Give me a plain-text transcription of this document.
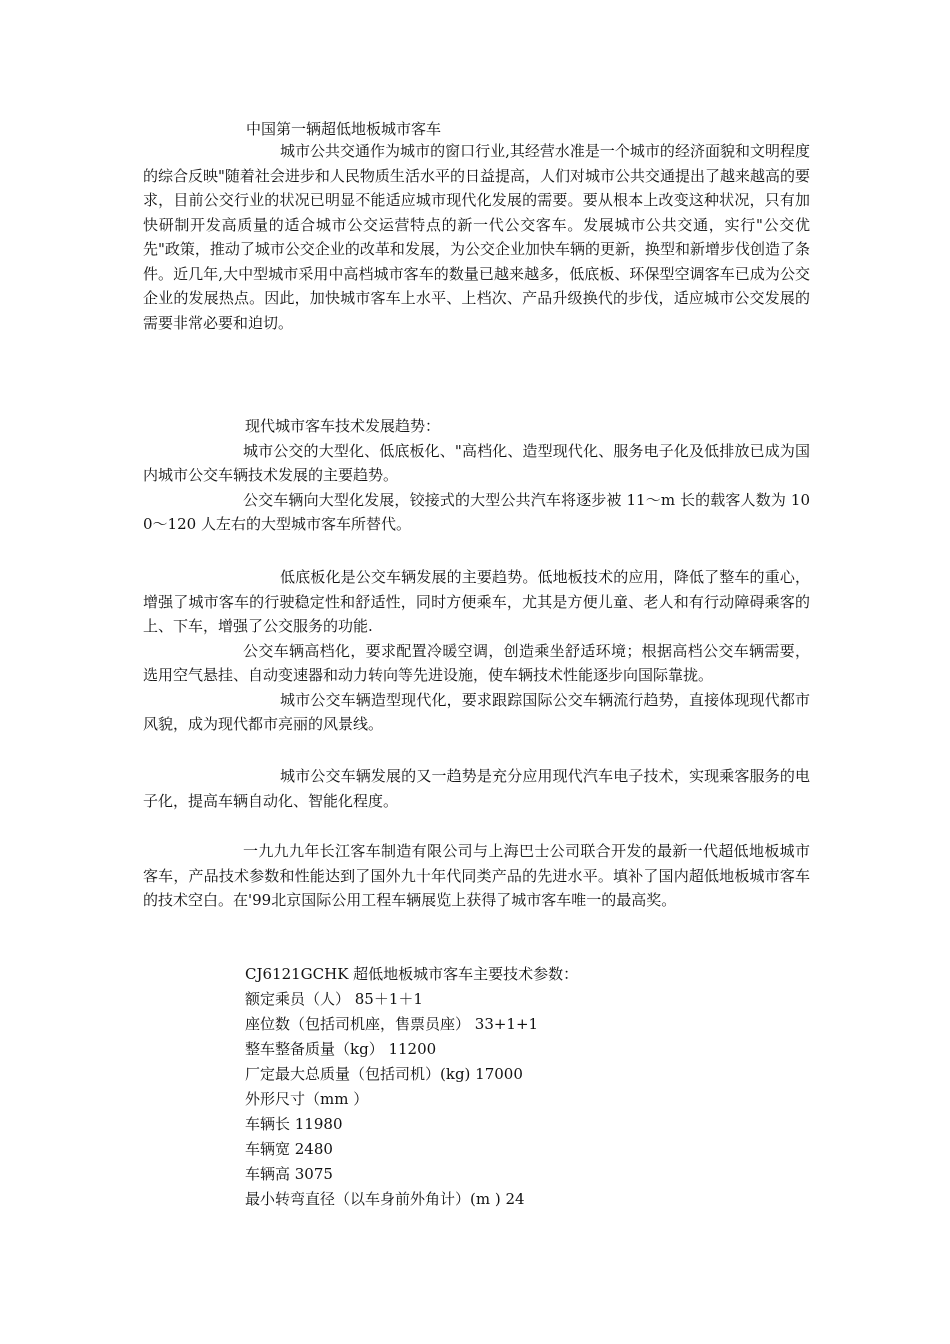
中国第一辆超低地板城市客车

城市公共交通作为城市的窗口行业,其经营水准是一个城市的经济面貌和文明程度的综合反映"随着社会进步和人民物质生活水平的日益提高，人们对城市公共交通提出了越来越高的要求，目前公交行业的状况已明显不能适应城市现代化发展的需要。要从根本上改变这种状况，只有加快研制开发高质量的适合城市公交运营特点的新一代公交客车。发展城市公共交通，实行"公交优先"政策，推动了城市公交企业的改革和发展，为公交企业加快车辆的更新，换型和新增步伐创造了条件。近几年,大中型城市采用中高档城市客车的数量已越来越多，低底板、环保型空调客车已成为公交企业的发展热点。因此，加快城市客车上水平、上档次、产品升级换代的步伐，适应城市公交发展的需要非常必要和迫切。

现代城市客车技术发展趋势：

城市公交的大型化、低底板化、"高档化、造型现代化、服务电子化及低排放已成为国内城市公交车辆技术发展的主要趋势。

公交车辆向大型化发展，铰接式的大型公共汽车将逐步被 11～m 长的载客人数为 100～120 人左右的大型城市客车所替代。

低底板化是公交车辆发展的主要趋势。低地板技术的应用，降低了整车的重心，增强了城市客车的行驶稳定性和舒适性，同时方便乘车，尤其是方便儿童、老人和有行动障碍乘客的上、下车，增强了公交服务的功能.

公交车辆高档化，要求配置冷暖空调，创造乘坐舒适环境；根据高档公交车辆需要，选用空气悬挂、自动变速器和动力转向等先进设施，使车辆技术性能逐步向国际靠拢。

城市公交车辆造型现代化，要求跟踪国际公交车辆流行趋势，直接体现现代都市风貌，成为现代都市亮丽的风景线。

城市公交车辆发展的又一趋势是充分应用现代汽车电子技术，实现乘客服务的电子化，提高车辆自动化、智能化程度。

一九九九年长江客车制造有限公司与上海巴士公司联合开发的最新一代超低地板城市客车，产品技术参数和性能达到了国外九十年代同类产品的先进水平。填补了国内超低地板城市客车的技术空白。在'99北京国际公用工程车辆展览上获得了城市客车唯一的最高奖。

CJ6121GCHK 超低地板城市客车主要技术参数：
额定乘员（人） 85＋1＋1
座位数（包括司机座，售票员座） 33+1+1
整车整备质量（kg） 11200
厂定最大总质量（包括司机）(kg) 17000
外形尺寸（mm ）
车辆长 11980
车辆宽 2480
车辆高 3075
最小转弯直径（以车身前外角计）(m ) 24
